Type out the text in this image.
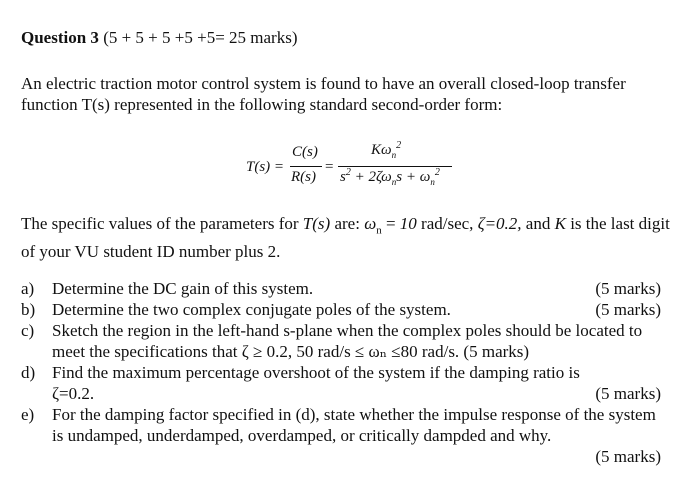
Question 3 (5 + 5 + 5 +5 +5= 25 marks)
An electric traction motor control system is found to have an overall closed-loop transfer function T(s) represented in the following standard second-order form:
T(s) =
C(s)
R(s)
=
$K\omega_n^2$
$s^2 + 2\zeta\omega_ns + \omega_n^2$
The specific values of the parameters for T(s) are: $\omega_n = 10$ rad/sec, ζ=0.2, and K is the last digit of your VU student ID number plus 2.
a)	(5 marks)
Determine the DC gain of this system.
b)	(5 marks)
Determine the two complex conjugate poles of the system.
c) Sketch the region in the left-hand s-plane when the complex poles should be located to meet the specifications that ζ ≥ 0.2, 50 rad/s ≤ ωₙ ≤80 rad/s. (5 marks)
d) Find the maximum percentage overshoot of the system if the damping ratio is
(5 marks)
ζ=0.2.
e) For the damping factor specified in (d), state whether the impulse response of the system is undamped, underdamped, overdamped, or critically dampded and why.
(5 marks)
